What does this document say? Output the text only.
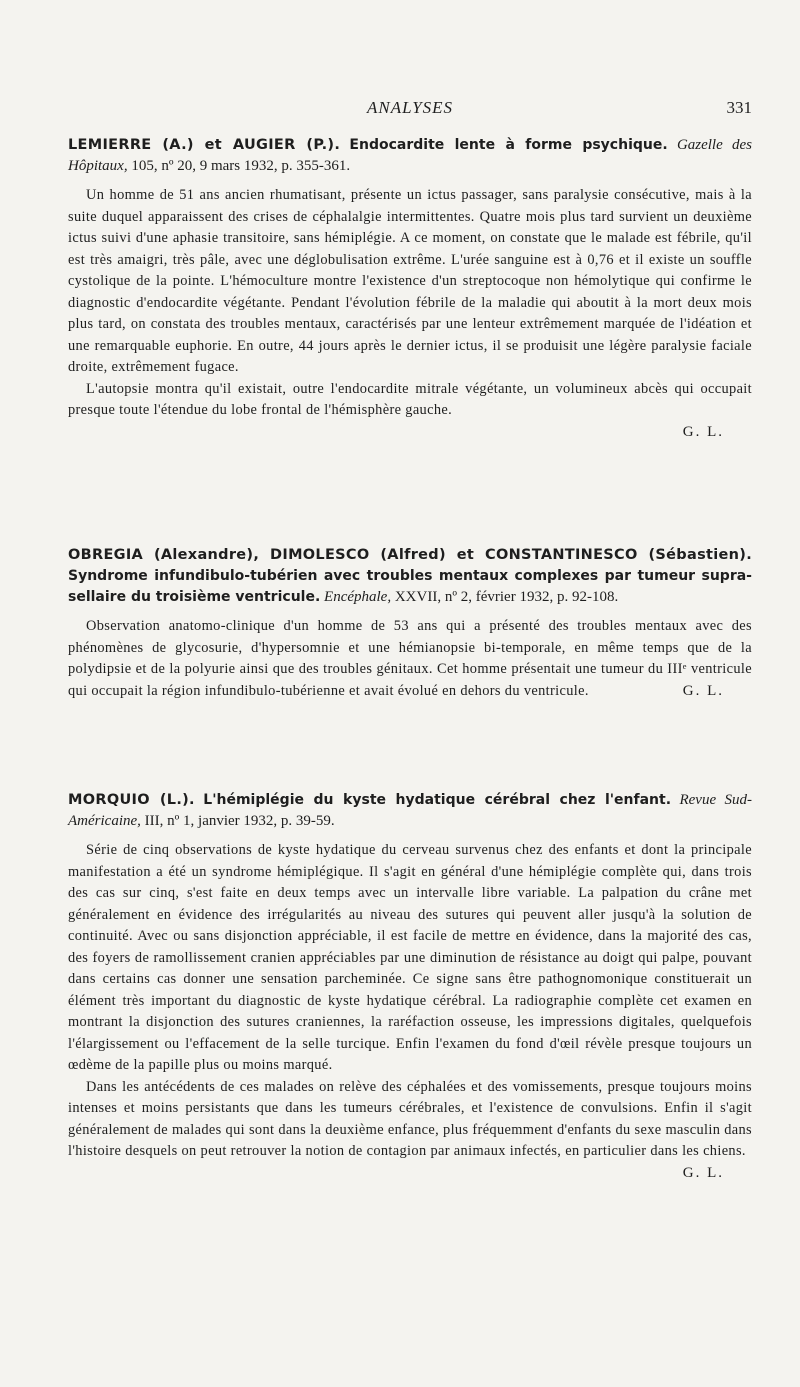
ANALYSES	331

LEMIERRE (A.) et AUGIER (P.). Endocardite lente à forme psychique. Gazelle des Hôpitaux, 105, nº 20, 9 mars 1932, p. 355-361.

Un homme de 51 ans ancien rhumatisant, présente un ictus passager, sans paralysie consécutive, mais à la suite duquel apparaissent des crises de céphalalgie intermittentes. Quatre mois plus tard survient un deuxième ictus suivi d'une aphasie transitoire, sans hémiplégie. A ce moment, on constate que le malade est fébrile, qu'il est très amaigri, très pâle, avec une déglobulisation extrême. L'urée sanguine est à 0,76 et il existe un souffle cystolique de la pointe. L'hémoculture montre l'existence d'un streptocoque non hémolytique qui confirme le diagnostic d'endocardite végétante. Pendant l'évolution fébrile de la maladie qui aboutit à la mort deux mois plus tard, on constata des troubles mentaux, caractérisés par une lenteur extrêmement marquée de l'idéation et une remarquable euphorie. En outre, 44 jours après le dernier ictus, il se produisit une légère paralysie faciale droite, extrêmement fugace.

L'autopsie montra qu'il existait, outre l'endocardite mitrale végétante, un volumineux abcès qui occupait presque toute l'étendue du lobe frontal de l'hémisphère gauche.

G. L.

OBREGIA (Alexandre), DIMOLESCO (Alfred) et CONSTANTINESCO (Sébastien). Syndrome infundibulo-tubérien avec troubles mentaux complexes par tumeur supra-sellaire du troisième ventricule. Encéphale, XXVII, nº 2, février 1932, p. 92-108.

Observation anatomo-clinique d'un homme de 53 ans qui a présenté des troubles mentaux avec des phénomènes de glycosurie, d'hypersomnie et une hémianopsie bi-temporale, en même temps que de la polydipsie et de la polyurie ainsi que des troubles génitaux. Cet homme présentait une tumeur du IIIᵉ ventricule qui occupait la région infundibulo-tubérienne et avait évolué en dehors du ventricule.	G. L.

MORQUIO (L.). L'hémiplégie du kyste hydatique cérébral chez l'enfant. Revue Sud-Américaine, III, nº 1, janvier 1932, p. 39-59.

Série de cinq observations de kyste hydatique du cerveau survenus chez des enfants et dont la principale manifestation a été un syndrome hémiplégique. Il s'agit en général d'une hémiplégie complète qui, dans trois des cas sur cinq, s'est faite en deux temps avec un intervalle libre variable. La palpation du crâne met généralement en évidence des irrégularités au niveau des sutures qui peuvent aller jusqu'à la solution de continuité. Avec ou sans disjonction appréciable, il est facile de mettre en évidence, dans la majorité des cas, des foyers de ramollissement cranien appréciables par une diminution de résistance au doigt qui palpe, pouvant dans certains cas donner une sensation parcheminée. Ce signe sans être pathognomonique constituerait un élément très important du diagnostic de kyste hydatique cérébral. La radiographie complète cet examen en montrant la disjonction des sutures craniennes, la raréfaction osseuse, les impressions digitales, quelquefois l'élargissement ou l'effacement de la selle turcique. Enfin l'examen du fond d'œil révèle presque toujours un œdème de la papille plus ou moins marqué.

Dans les antécédents de ces malades on relève des céphalées et des vomissements, presque toujours moins intenses et moins persistants que dans les tumeurs cérébrales, et l'existence de convulsions. Enfin il s'agit généralement de malades qui sont dans la deuxième enfance, plus fréquemment d'enfants du sexe masculin dans l'histoire desquels on peut retrouver la notion de contagion par animaux infectés, en particulier dans les chiens.
G. L.
